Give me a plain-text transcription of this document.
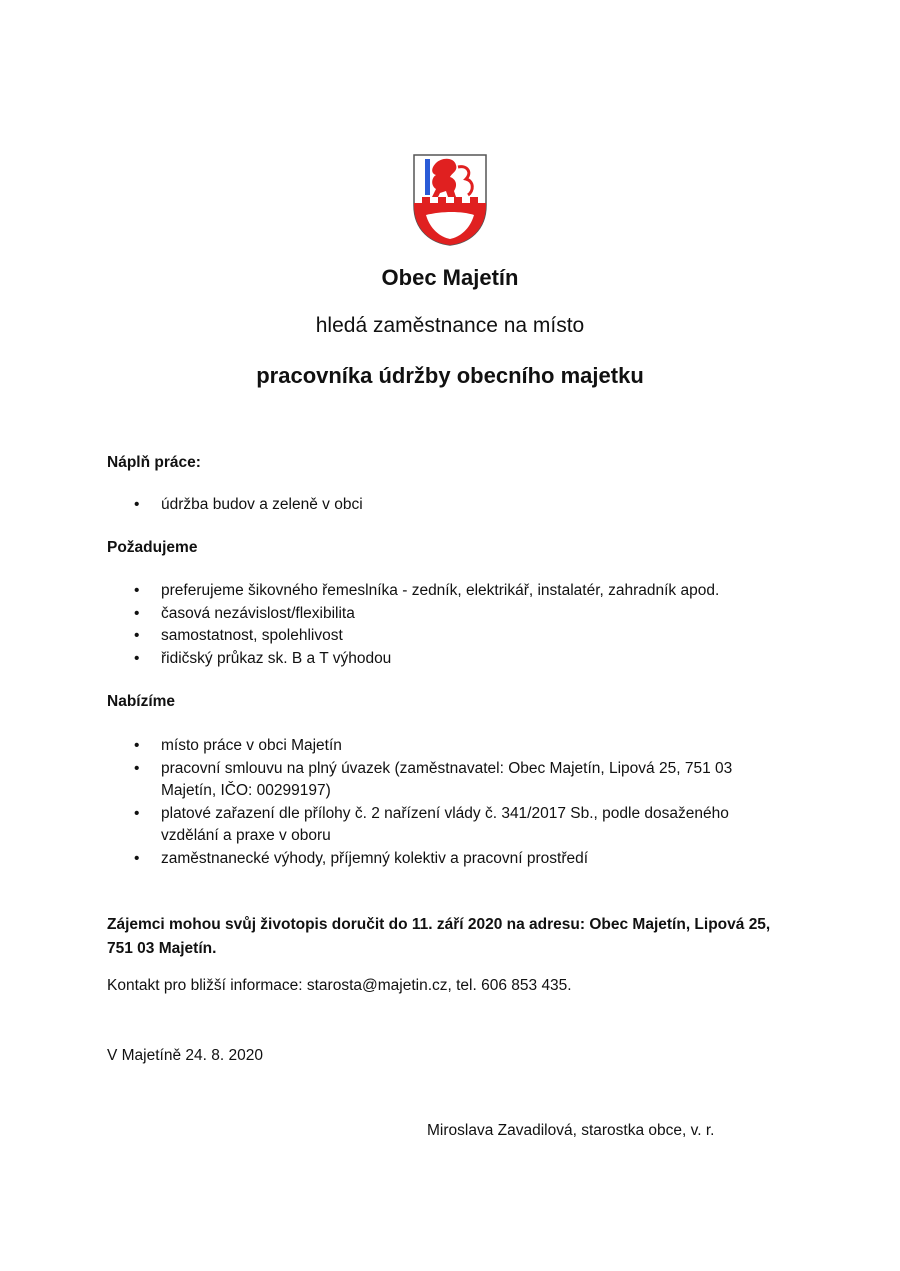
Obec Majetín
hledá zaměstnance na místo
pracovníka údržby obecního majetku
Náplň práce:
• údržba budov a zeleně v obci
Požadujeme
• preferujeme šikovného řemeslníka - zedník, elektrikář, instalatér, zahradník apod.
• časová nezávislost/flexibilita
• samostatnost, spolehlivost
• řidičský průkaz sk. B a T výhodou
Nabízíme
• místo práce v obci Majetín
• pracovní smlouvu na plný úvazek (zaměstnavatel: Obec Majetín, Lipová 25, 751 03 Majetín, IČO: 00299197)
• platové zařazení dle přílohy č. 2 nařízení vlády č. 341/2017 Sb., podle dosaženého vzdělání a praxe v oboru
• zaměstnanecké výhody, příjemný kolektiv a pracovní prostředí
Zájemci mohou svůj životopis doručit do 11. září 2020 na adresu: Obec Majetín, Lipová 25, 751 03 Majetín.
Kontakt pro bližší informace: starosta@majetin.cz, tel. 606 853 435.
V Majetíně 24. 8. 2020
Miroslava Zavadilová, starostka obce, v. r.
